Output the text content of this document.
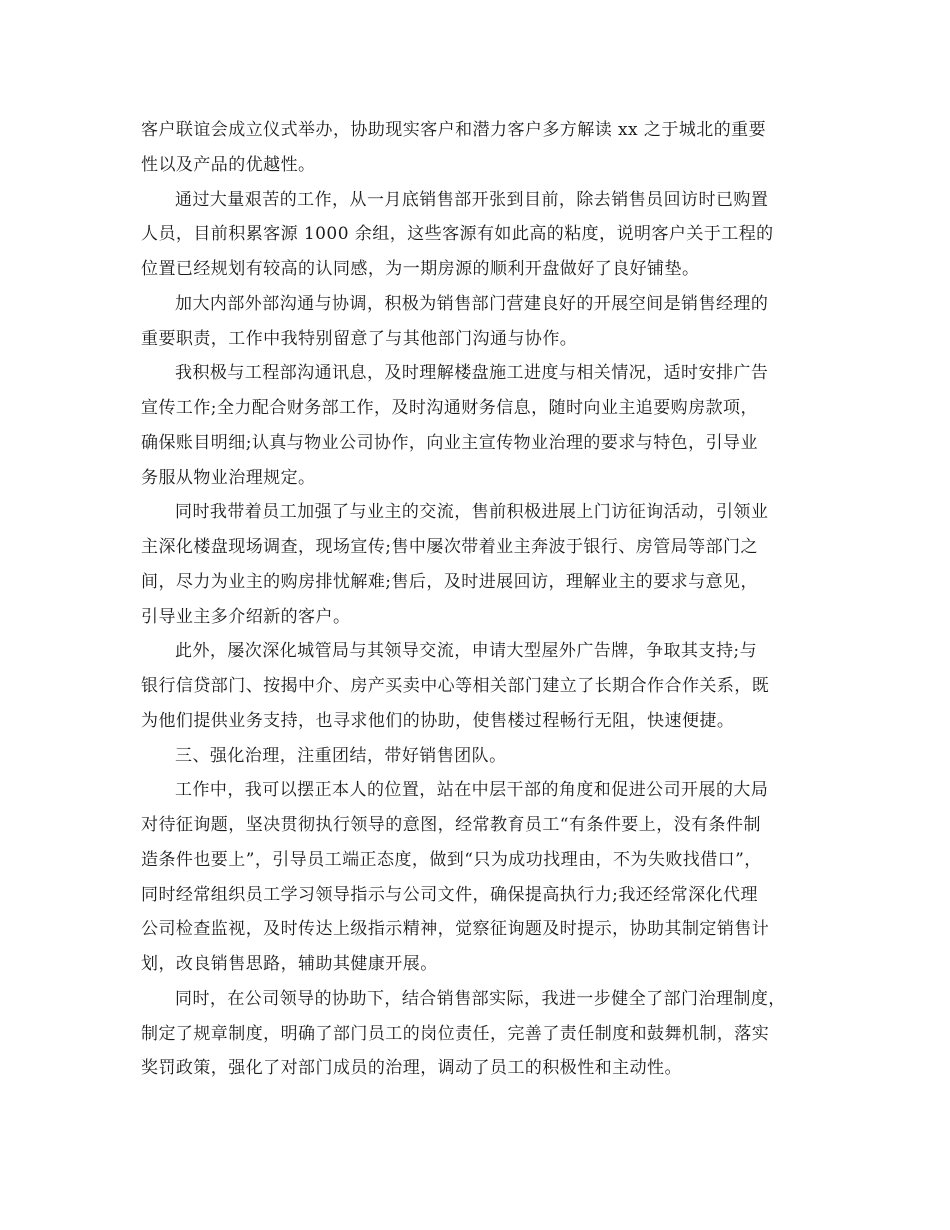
客户联谊会成立仪式举办，协助现实客户和潜力客户多方解读 xx 之于城北的重要
性以及产品的优越性。
通过大量艰苦的工作，从一月底销售部开张到目前，除去销售员回访时已购置
人员，目前积累客源 1000 余组，这些客源有如此高的粘度，说明客户关于工程的
位置已经规划有较高的认同感，为一期房源的顺利开盘做好了良好铺垫。
加大内部外部沟通与协调，积极为销售部门营建良好的开展空间是销售经理的
重要职责，工作中我特别留意了与其他部门沟通与协作。
我积极与工程部沟通讯息，及时理解楼盘施工进度与相关情况，适时安排广告
宣传工作;全力配合财务部工作，及时沟通财务信息，随时向业主追要购房款项，
确保账目明细;认真与物业公司协作，向业主宣传物业治理的要求与特色，引导业
务服从物业治理规定。
同时我带着员工加强了与业主的交流，售前积极进展上门访征询活动，引领业
主深化楼盘现场调查，现场宣传;售中屡次带着业主奔波于银行、房管局等部门之
间，尽力为业主的购房排忧解难;售后，及时进展回访，理解业主的要求与意见，
引导业主多介绍新的客户。
此外，屡次深化城管局与其领导交流，申请大型屋外广告牌，争取其支持;与
银行信贷部门、按揭中介、房产买卖中心等相关部门建立了长期合作合作关系，既
为他们提供业务支持，也寻求他们的协助，使售楼过程畅行无阻，快速便捷。
三、强化治理，注重团结，带好销售团队。
工作中，我可以摆正本人的位置，站在中层干部的角度和促进公司开展的大局
对待征询题，坚决贯彻执行领导的意图，经常教育员工“有条件要上，没有条件制
造条件也要上”，引导员工端正态度，做到“只为成功找理由，不为失败找借口”，
同时经常组织员工学习领导指示与公司文件，确保提高执行力;我还经常深化代理
公司检查监视，及时传达上级指示精神，觉察征询题及时提示，协助其制定销售计
划，改良销售思路，辅助其健康开展。
同时，在公司领导的协助下，结合销售部实际，我进一步健全了部门治理制度，
制定了规章制度，明确了部门员工的岗位责任，完善了责任制度和鼓舞机制，落实
奖罚政策，强化了对部门成员的治理，调动了员工的积极性和主动性。
